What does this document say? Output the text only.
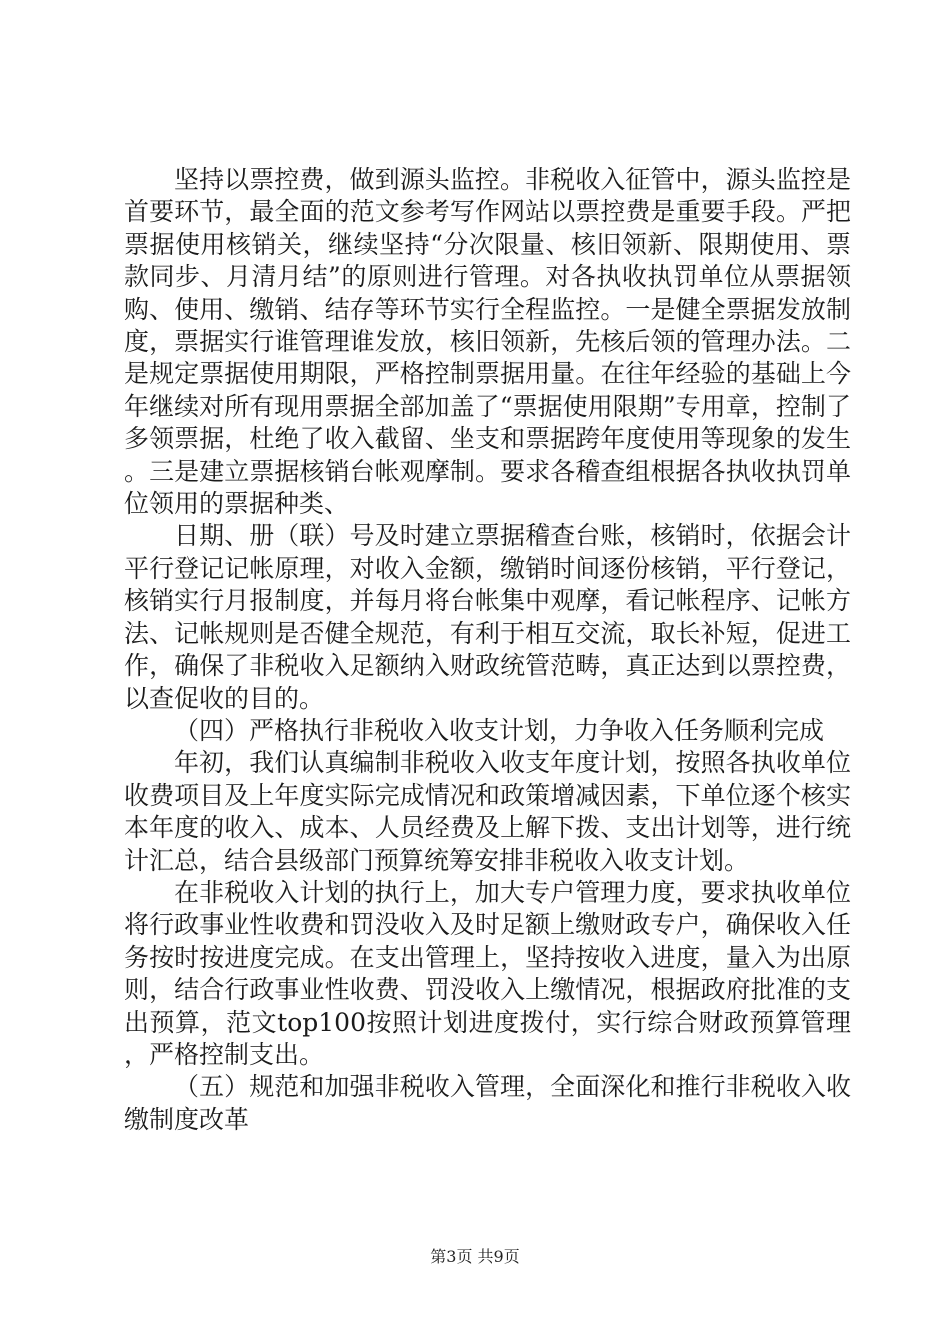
坚持以票控费，做到源头监控。非税收入征管中，源头监控是首要环节，最全面的范文参考写作网站以票控费是重要手段。严把票据使用核销关，继续坚持“分次限量、核旧领新、限期使用、票款同步、月清月结”的原则进行管理。对各执收执罚单位从票据领购、使用、缴销、结存等环节实行全程监控。一是健全票据发放制度，票据实行谁管理谁发放，核旧领新，先核后领的管理办法。二是规定票据使用期限，严格控制票据用量。在往年经验的基础上今年继续对所有现用票据全部加盖了“票据使用限期”专用章，控制了多领票据，杜绝了收入截留、坐支和票据跨年度使用等现象的发生。三是建立票据核销台帐观摩制。要求各稽查组根据各执收执罚单位领用的票据种类、

日期、册（联）号及时建立票据稽查台账，核销时，依据会计平行登记记帐原理，对收入金额，缴销时间逐份核销，平行登记，核销实行月报制度，并每月将台帐集中观摩，看记帐程序、记帐方法、记帐规则是否健全规范，有利于相互交流，取长补短，促进工作，确保了非税收入足额纳入财政统管范畴，真正达到以票控费，以查促收的目的。

（四）严格执行非税收入收支计划，力争收入任务顺利完成

年初，我们认真编制非税收入收支年度计划，按照各执收单位收费项目及上年度实际完成情况和政策增减因素，下单位逐个核实本年度的收入、成本、人员经费及上解下拨、支出计划等，进行统计汇总，结合县级部门预算统筹安排非税收入收支计划。

在非税收入计划的执行上，加大专户管理力度，要求执收单位将行政事业性收费和罚没收入及时足额上缴财政专户，确保收入任务按时按进度完成。在支出管理上，坚持按收入进度，量入为出原则，结合行政事业性收费、罚没收入上缴情况，根据政府批准的支出预算，范文top100按照计划进度拨付，实行综合财政预算管理，严格控制支出。

（五）规范和加强非税收入管理，全面深化和推行非税收入收缴制度改革

第3页 共9页
